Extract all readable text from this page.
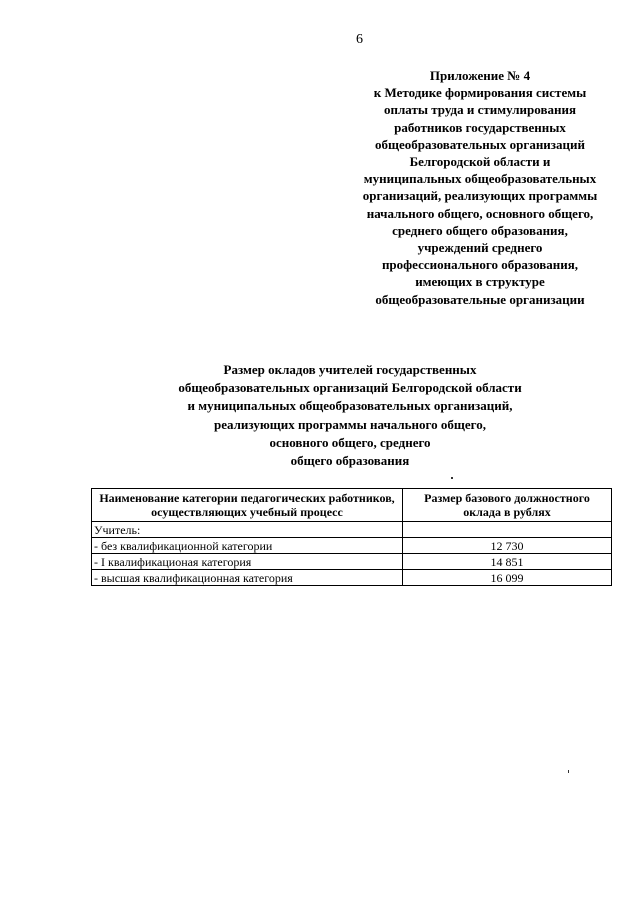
6
Приложение № 4
к Методике формирования системы
оплаты труда и стимулирования
работников государственных
общеобразовательных организаций
Белгородской области и
муниципальных общеобразовательных
организаций, реализующих программы
начального общего, основного общего,
среднего общего образования,
учреждений среднего
профессионального образования,
имеющих в структуре
общеобразовательные организации
Размер окладов учителей государственных
общеобразовательных организаций Белгородской области
и муниципальных общеобразовательных организаций,
реализующих программы начального общего,
основного общего, среднего
общего образования
Наименование категории педагогических работников, осуществляющих учебный процесс	Размер базового должностного оклада в рублях
Учитель:	
- без квалификационной категории	12 730
- I квалификационая категория	14 851
- высшая квалификационная категория	16 099
